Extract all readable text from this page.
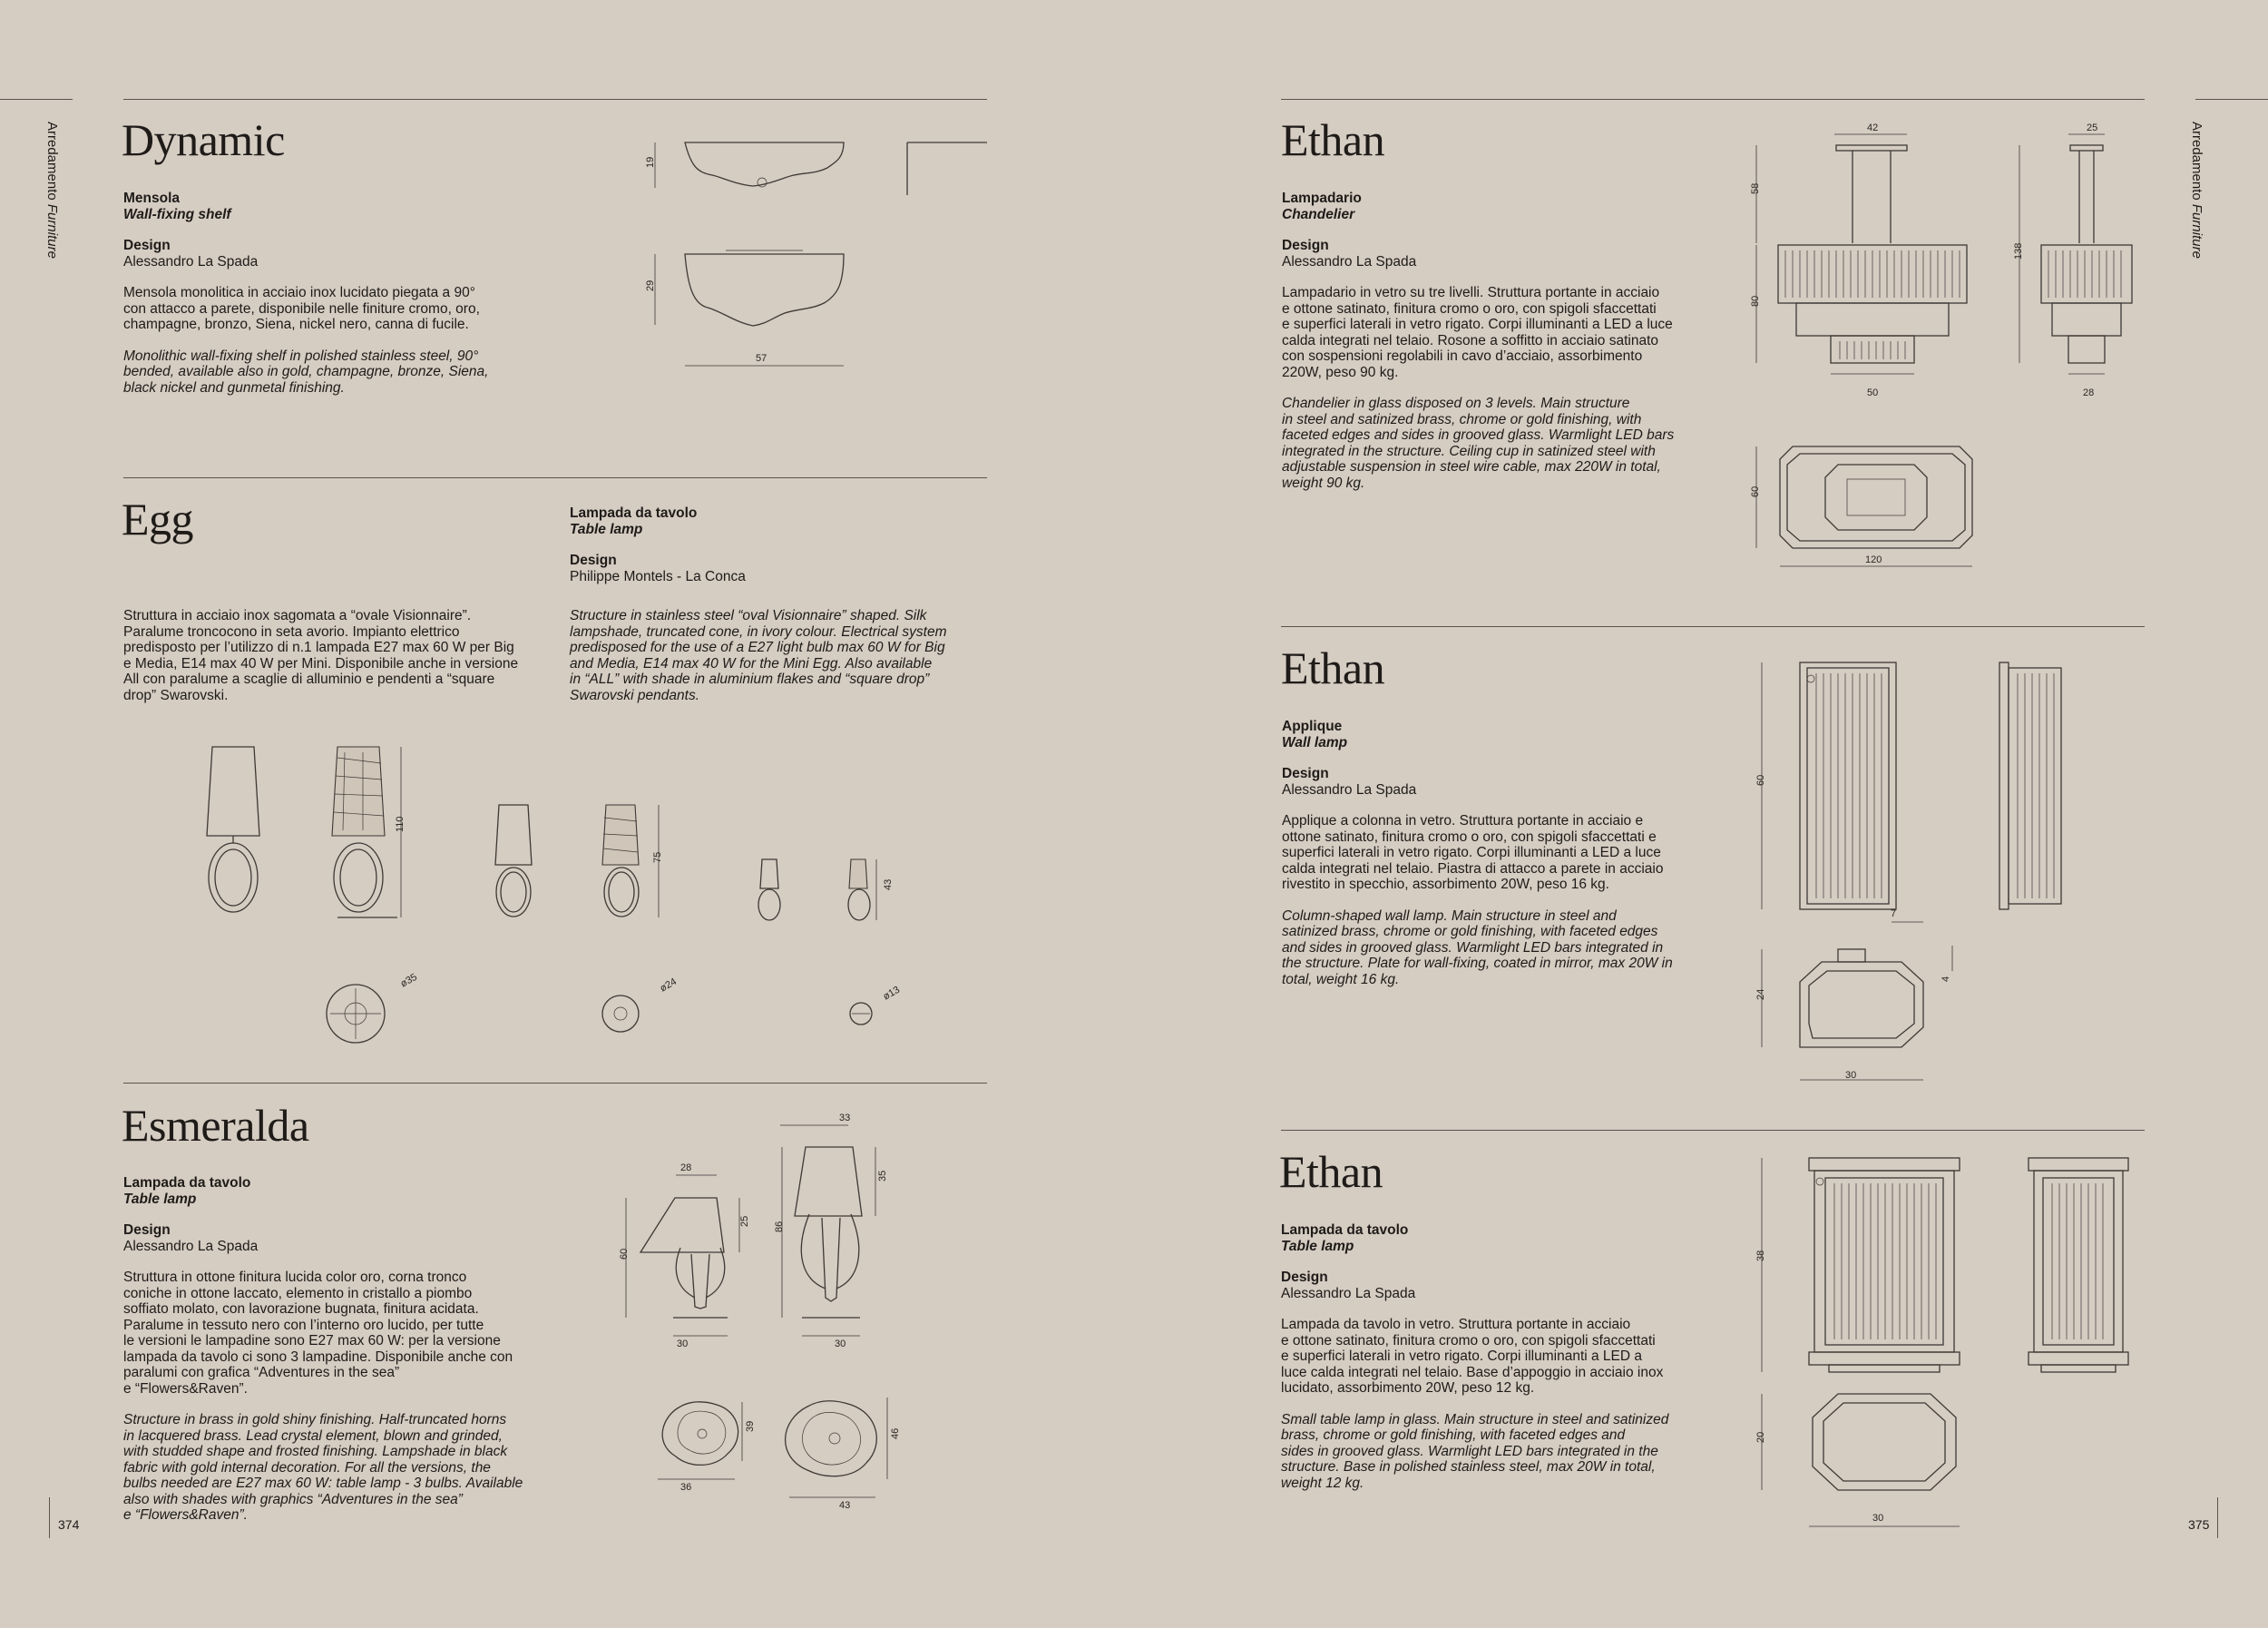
Arredamento Furniture
Arredamento Furniture
374	375
Dynamic
Mensola
Wall-fixing shelf
Design
Alessandro La Spada
Mensola monolitica in acciaio inox lucidato piegata a 90°
con attacco a parete, disponibile nelle finiture cromo, oro,
champagne, bronzo, Siena, nickel nero, canna di fucile.
Monolithic wall-fixing shelf in polished stainless steel, 90°
bended, available also in gold, champagne, bronze, Siena,
black nickel and gunmetal finishing.
19
29
57
Egg	Lampada da tavolo
Table lamp
Design
Philippe Montels - La Conca
Struttura in acciaio inox sagomata a “ovale Visionnaire”.
Paralume troncocono in seta avorio. Impianto elettrico
predisposto per l’utilizzo di n.1 lampada E27 max 60 W per Big
e Media, E14 max 40 W per Mini. Disponibile anche in versione
All con paralume a scaglie di alluminio e pendenti a “square
drop” Swarovski.
Structure in stainless steel “oval Visionnaire” shaped. Silk
lampshade, truncated cone, in ivory colour. Electrical system
predisposed for the use of a E27 light bulb max 60 W for Big
and Media, E14 max 40 W for the Mini Egg. Also available
in “ALL” with shade in aluminium flakes and “square drop”
Swarovski pendants.
110
75
43
ø35	ø24	ø13
Esmeralda
Lampada da tavolo
Table lamp
Design
Alessandro La Spada
Struttura in ottone finitura lucida color oro, corna tronco
coniche in ottone laccato, elemento in cristallo a piombo
soffiato molato, con lavorazione bugnata, finitura acidata.
Paralume in tessuto nero con l’interno oro lucido, per tutte
le versioni le lampadine sono E27 max 60 W: per la versione
lampada da tavolo ci sono 3 lampadine. Disponibile anche con
paralumi con grafica “Adventures in the sea”
e “Flowers&Raven”.
Structure in brass in gold shiny finishing. Half-truncated horns
in lacquered brass. Lead crystal element, blown and grinded,
with studded shape and frosted finishing. Lampshade in black
fabric with gold internal decoration. For all the versions, the
bulbs needed are E27 max 60 W: table lamp - 3 bulbs. Available
also with shades with graphics “Adventures in the sea”
e “Flowers&Raven”.
28
25
60
30
33
35
86
30
39
36
46
43
Ethan
Lampadario
Chandelier
Design
Alessandro La Spada
Lampadario in vetro su tre livelli. Struttura portante in acciaio
e ottone satinato, finitura cromo o oro, con spigoli sfaccettati
e superfici laterali in vetro rigato. Corpi illuminanti a LED a luce
calda integrati nel telaio. Rosone a soffitto in acciaio satinato
con sospensioni regolabili in cavo d’acciaio, assorbimento
220W, peso 90 kg.
Chandelier in glass disposed on 3 levels. Main structure
in steel and satinized brass, chrome or gold finishing, with
faceted edges and sides in grooved glass. Warmlight LED bars
integrated in the structure. Ceiling cup in satinized steel with
adjustable suspension in steel wire cable, max 220W in total,
weight 90 kg.
42
58
80
50
25
138
28
60
120
Ethan
Applique
Wall lamp
Design
Alessandro La Spada
Applique a colonna in vetro. Struttura portante in acciaio e
ottone satinato, finitura cromo o oro, con spigoli sfaccettati e
superfici laterali in vetro rigato. Corpi illuminanti a LED a luce
calda integrati nel telaio. Piastra di attacco a parete in acciaio
rivestito in specchio, assorbimento 20W, peso 16 kg.
Column-shaped wall lamp. Main structure in steel and
satinized brass, chrome or gold finishing, with faceted edges
and sides in grooved glass. Warmlight LED bars integrated in
the structure. Plate for wall-fixing, coated in mirror, max 20W in
total, weight 16 kg.
60
7
24
4
30
Ethan
Lampada da tavolo
Table lamp
Design
Alessandro La Spada
Lampada da tavolo in vetro. Struttura portante in acciaio
e ottone satinato, finitura cromo o oro, con spigoli sfaccettati
e superfici laterali in vetro rigato. Corpi illuminanti a LED a
luce calda integrati nel telaio. Base d’appoggio in acciaio inox
lucidato, assorbimento 20W, peso 12 kg.
Small table lamp in glass. Main structure in steel and satinized
brass, chrome or gold finishing, with faceted edges and
sides in grooved glass. Warmlight LED bars integrated in the
structure. Base in polished stainless steel, max 20W in total,
weight 12 kg.
38
20
30
